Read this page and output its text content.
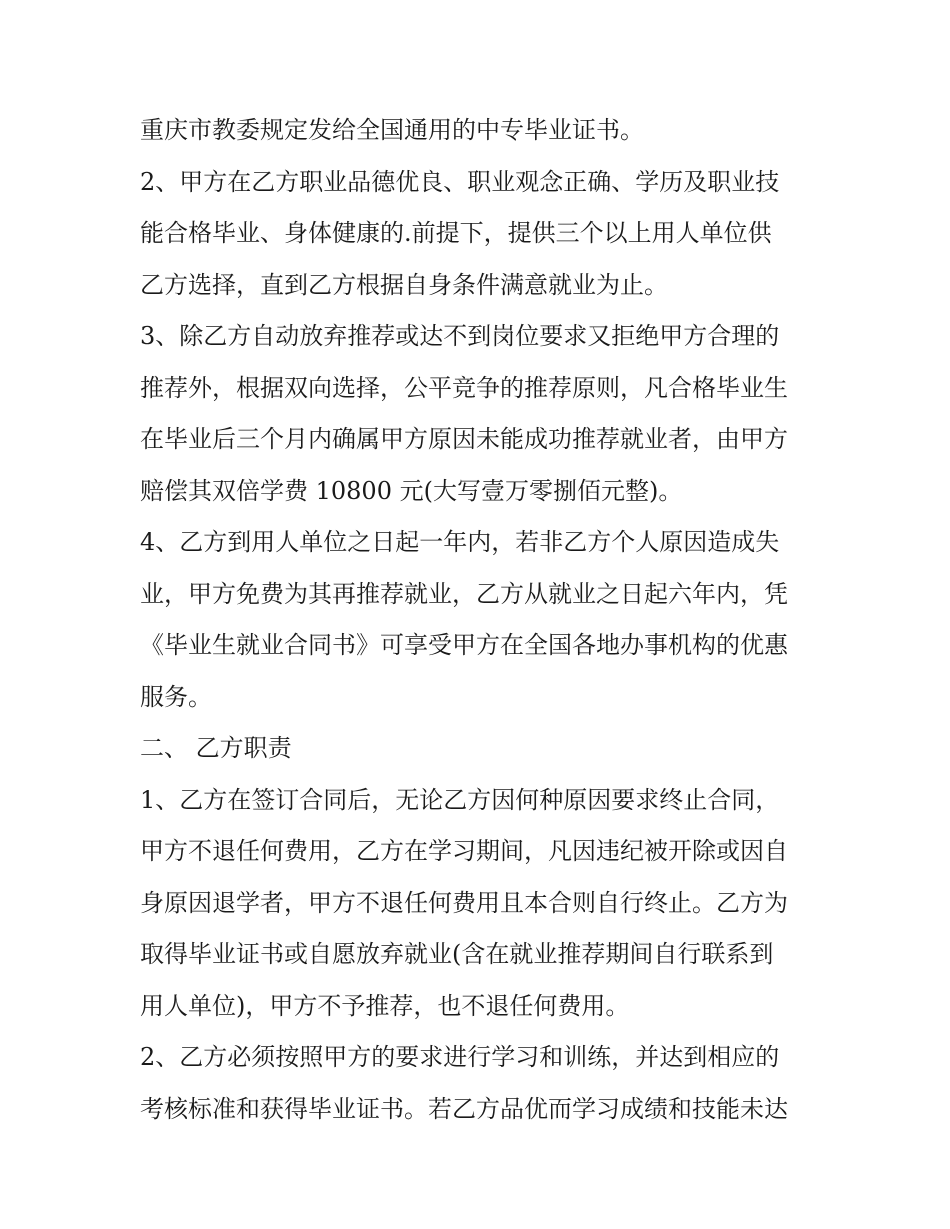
重庆市教委规定发给全国通用的中专毕业证书。
2、甲方在乙方职业品德优良、职业观念正确、学历及职业技
能合格毕业、身体健康的.前提下，提供三个以上用人单位供
乙方选择，直到乙方根据自身条件满意就业为止。
3、除乙方自动放弃推荐或达不到岗位要求又拒绝甲方合理的
推荐外，根据双向选择，公平竞争的推荐原则，凡合格毕业生
在毕业后三个月内确属甲方原因未能成功推荐就业者，由甲方
赔偿其双倍学费 10800 元(大写壹万零捌佰元整)。
4、乙方到用人单位之日起一年内，若非乙方个人原因造成失
业，甲方免费为其再推荐就业，乙方从就业之日起六年内，凭
《毕业生就业合同书》可享受甲方在全国各地办事机构的优惠
服务。
二、 乙方职责
1、乙方在签订合同后，无论乙方因何种原因要求终止合同，
甲方不退任何费用，乙方在学习期间，凡因违纪被开除或因自
身原因退学者，甲方不退任何费用且本合则自行终止。乙方为
取得毕业证书或自愿放弃就业(含在就业推荐期间自行联系到
用人单位)，甲方不予推荐，也不退任何费用。
2、乙方必须按照甲方的要求进行学习和训练，并达到相应的
考核标准和获得毕业证书。若乙方品优而学习成绩和技能未达
